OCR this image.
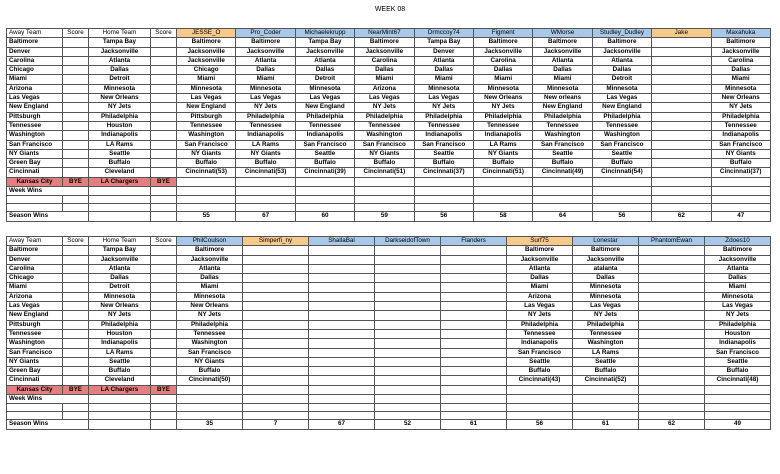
WEEK 08
Away Team	Score	Home Team	Score	JESSE_O	Pro_Coder	Michaelekrupp	NearMint67	Drmccoy74	Figment	WMorse	Studley_Dudley	Jake	Maxahuka
Baltimore		Tampa Bay		Baltimore	Baltimore	Tampa Bay	Baltimore	Tampa Bay	Baltimore	Baltimore	Baltimore		Baltimore
Denver		Jacksonville		Jacksonville	Jacksonville	Jacksonville	Jacksonville	Denver	Jacksonville	Jacksonville	Jacksonville		Jacksonville
Carolina		Atlanta		Jacksonville	Atlanta	Atlanta	Carolina	Atlanta	Carolina	Atlanta	Atlanta		Carolina
Chicago		Dallas		Chicago	Dallas	Dallas	Dallas	Dallas	Dallas	Dallas	Dallas		Dallas
Miami		Detroit		Miami	Miami	Detroit	Miami	Miami	Miami	Miami	Detroit		Miami
Arizona		Minnesota		Minnesota	Minnesota	Minnesota	Arizona	Minnesota	Minnesota	Minnesota	Minnesota		Minnesota
Las Vegas		New Orleans		Las Vegas	Las Vegas	Las Vegas	Las Vegas	Las Vegas	New Orleans	New orleans	Las Vegas		New Orleans
New England		NY Jets		New England	NY Jets	New England	NY Jets	NY Jets	NY Jets	New England	New England		NY Jets
Pittsburgh		Philadelphia		Pittsburgh	Philadelphia	Philadelphia	Philadelphia	Philadelphia	Philadelphia	Philadelphia	Philadelphia		Philadelphia
Tennessee		Houston		Tennessee	Tennessee	Tennessee	Tennessee	Tennessee	Tennessee	Tennessee	Tennessee		Tennessee
Washington		Indianapolis		Washington	Indianapolis	Indianapolis	Washington	Indianapolis	Indianapolis	Washington	Washington		Indianapolis
San Francisco		LA Rams		San Francisco	LA Rams	San Francisco	San Francisco	San Francisco	LA Rams	San Francisco	San Francisco		San Francisco
NY Giants		Seattle		NY Giants	NY Giants	Seattle	NY Giants	Seattle	NY Giants	Seattle	Seattle		NY Giants
Green Bay		Buffalo		Buffalo	Buffalo	Buffalo	Buffalo	Buffalo	Buffalo	Buffalo	Buffalo		Buffalo
Cincinnati		Cleveland		Cincinnati(53)	Cincinnati(53)	Cincinnati(39)	Cincinnati(51)	Cincinnati(37)	Cincinnati(51)	Cincinnati(49)	Cincinnati(54)		Cincinnati(37)
Kansas City	BYE	LA Chargers	BYE										
Week Wins													

Season Wins				55	67	60	59	56	58	64	56	62	47
Away Team	Score	Home Team	Score	PhilCoulson	Simperfi_ny	ShallaBal	DarkseidofTown	Flanders	Surf75	Lonestar	PhantomEwan	Zdoes10
Baltimore		Tampa Bay		Baltimore					Baltimore	Baltimore		Baltimore
Denver		Jacksonville		Jacksonville					Jacksonville	Jacksonville		Jacksonville
Carolina		Atlanta		Atlanta					Atlanta	atalanta		Atlanta
Chicago		Dallas		Dallas					Dallas	Dallas		Dallas
Miami		Detroit		Miami					Miami	Minnesota		Miami
Arizona		Minnesota		Minnesota					Arizona	Minnesota		Minnesota
Las Vegas		New Orleans		New Orleans					Las Vegas	Las Vegas		Las Vegas
New England		NY Jets		NY Jets					NY Jets	NY Jets		NY Jets
Pittsburgh		Philadelphia		Philadelphia					Philadelphia	Philadelphia		Philadelphia
Tennessee		Houston		Tennessee					Tennessee	Tennessee		Houston
Washington		Indianapolis		Washington					Indianapolis	Washington		Indianapolis
San Francisco		LA Rams		San Francisco					San Francisco	LA Rams		San Francisco
NY Giants		Seattle		NY Giants					Seattle	Seattle		Seattle
Green Bay		Buffalo		Buffalo					Buffalo	Buffalo		Buffalo
Cincinnati		Cleveland		Cincinnati(50)					Cincinnati(43)	Cincinnati(52)		Cincinnati(48)
Kansas City	BYE	LA Chargers	BYE									
Week Wins												

Season Wins				35	7	67	52	61	56	61	62	49
